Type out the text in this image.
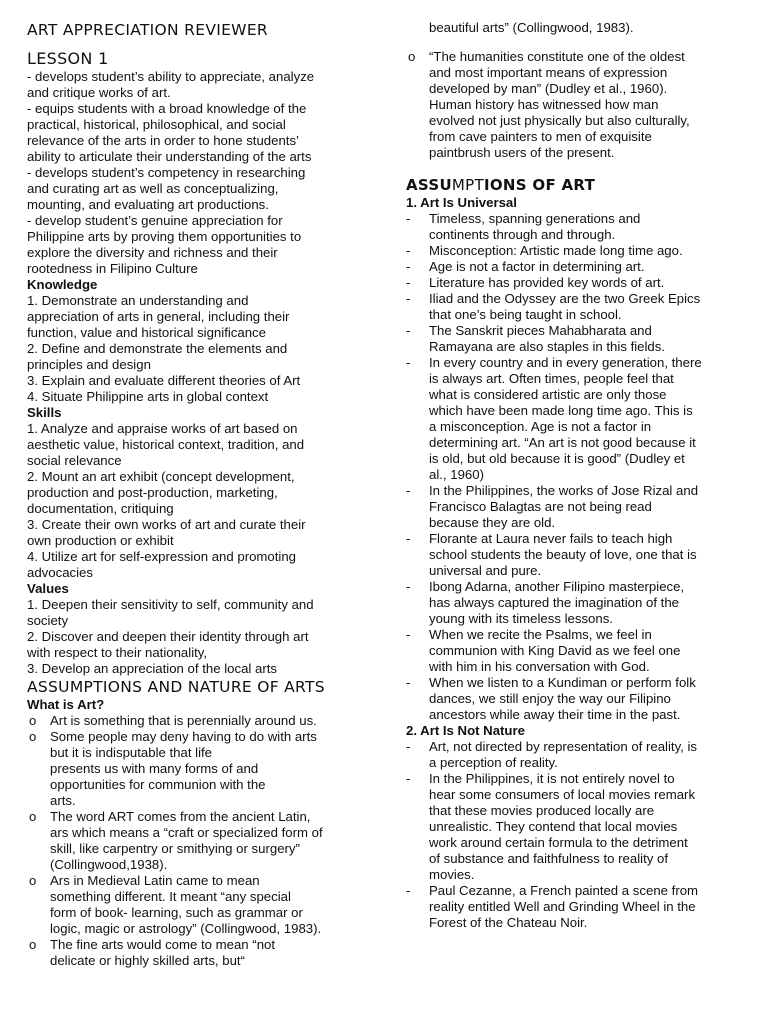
ART APPRECIATION REVIEWER
LESSON 1
- develops student’s ability to appreciate, analyze
and critique works of art.
- equips students with a broad knowledge of the
practical, historical, philosophical, and social
relevance of the arts in order to hone students’
ability to articulate their understanding of the arts
- develops student’s competency in researching
and curating art as well as conceptualizing,
mounting, and evaluating art productions.
- develop student’s genuine appreciation for
Philippine arts by proving them opportunities to
explore the diversity and richness and their
rootedness in Filipino Culture
Knowledge
1. Demonstrate an understanding and
appreciation of arts in general, including their
function, value and historical significance
2. Define and demonstrate the elements and
principles and design
3. Explain and evaluate different theories of Art
4. Situate Philippine arts in global context
Skills
1. Analyze and appraise works of art based on
aesthetic value, historical context, tradition, and
social relevance
2. Mount an art exhibit (concept development,
production and post-production, marketing,
documentation, critiquing
3. Create their own works of art and curate their
own production or exhibit
4. Utilize art for self-expression and promoting
advocacies
Values
1. Deepen their sensitivity to self, community and
society
2. Discover and deepen their identity through art
with respect to their nationality,
3. Develop an appreciation of the local arts
ASSUMPTIONS AND NATURE OF ARTS
What is Art?
o Art is something that is perennially around us.
o Some people may deny having to do with arts
but it is indisputable that life
presents us with many forms of and
opportunities for communion with the
arts.
o The word ART comes from the ancient Latin,
ars which means a “craft or specialized form of
skill, like carpentry or smithying or surgery”
(Collingwood,1938).
o Ars in Medieval Latin came to mean
something different. It meant “any special
form of book- learning, such as grammar or
logic, magic or astrology” (Collingwood, 1983).
o The fine arts would come to mean “not
delicate or highly skilled arts, but“
beautiful arts” (Collingwood, 1983).
o “The humanities constitute one of the oldest
and most important means of expression
developed by man” (Dudley et al., 1960).
Human history has witnessed how man
evolved not just physically but also culturally,
from cave painters to men of exquisite
paintbrush users of the present.
ASSUMPTIONS OF ART
1. Art Is Universal
- Timeless, spanning generations and
continents through and through.
- Misconception: Artistic made long time ago.
- Age is not a factor in determining art.
- Literature has provided key words of art.
- Iliad and the Odyssey are the two Greek Epics
that one’s being taught in school.
- The Sanskrit pieces Mahabharata and
Ramayana are also staples in this fields.
- In every country and in every generation, there
is always art. Often times, people feel that
what is considered artistic are only those
which have been made long time ago. This is
a misconception. Age is not a factor in
determining art. “An art is not good because it
is old, but old because it is good” (Dudley et
al., 1960)
- In the Philippines, the works of Jose Rizal and
Francisco Balagtas are not being read
because they are old.
- Florante at Laura never fails to teach high
school students the beauty of love, one that is
universal and pure.
- Ibong Adarna, another Filipino masterpiece,
has always captured the imagination of the
young with its timeless lessons.
- When we recite the Psalms, we feel in
communion with King David as we feel one
with him in his conversation with God.
- When we listen to a Kundiman or perform folk
dances, we still enjoy the way our Filipino
ancestors while away their time in the past.
2. Art Is Not Nature
- Art, not directed by representation of reality, is
a perception of reality.
- In the Philippines, it is not entirely novel to
hear some consumers of local movies remark
that these movies produced locally are
unrealistic. They contend that local movies
work around certain formula to the detriment
of substance and faithfulness to reality of
movies.
- Paul Cezanne, a French painted a scene from
reality entitled Well and Grinding Wheel in the
Forest of the Chateau Noir.
